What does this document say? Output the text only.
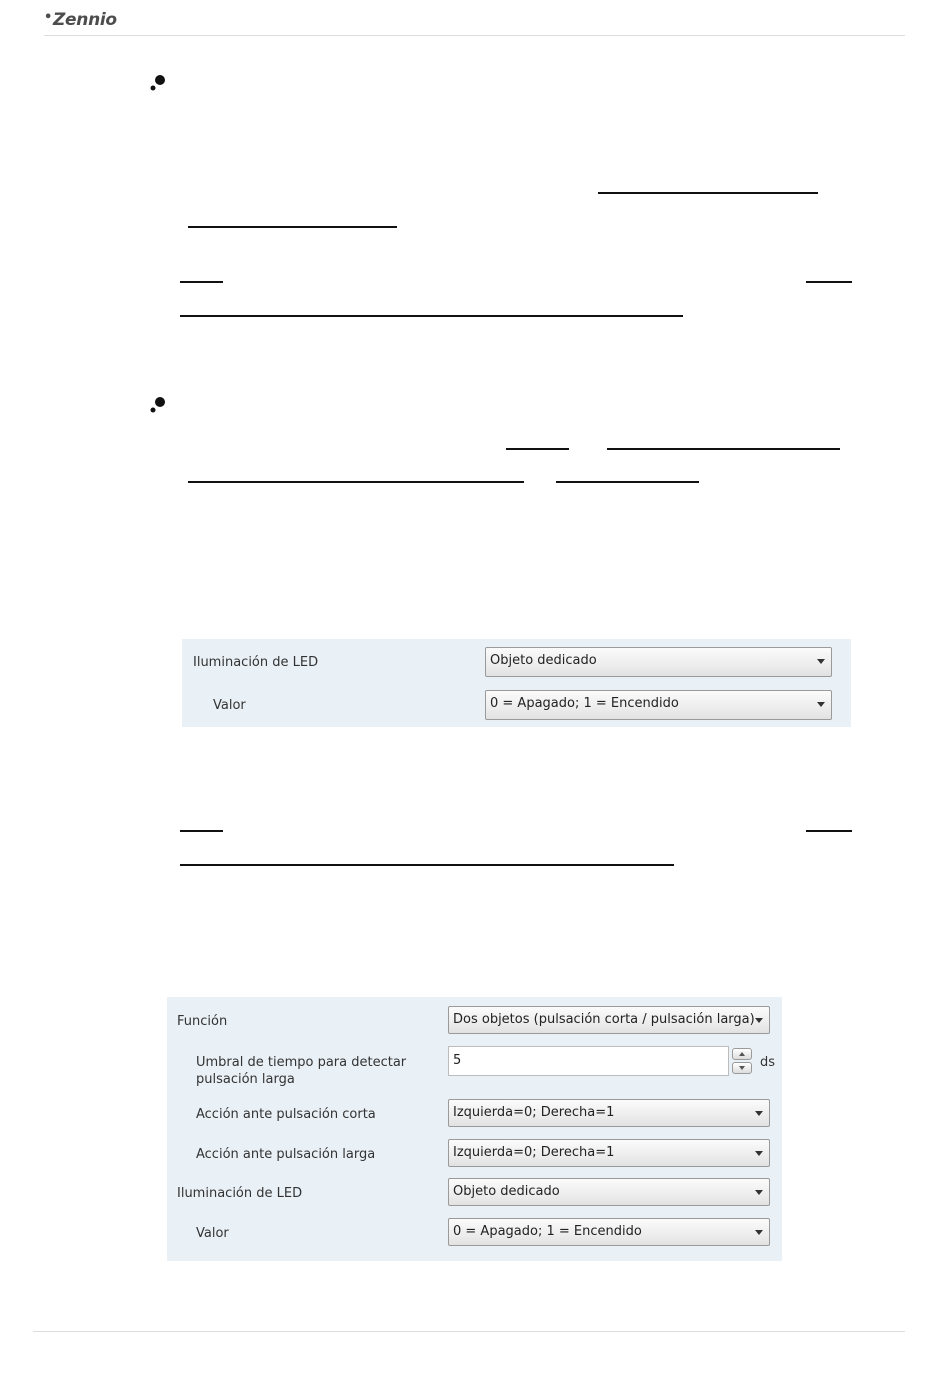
•Zennio
Iluminación de LED	Objeto dedicado
Valor	0 = Apagado; 1 = Encendido
Función	Dos objetos (pulsación corta / pulsación larga)
Umbral de tiempo para detectar
pulsación larga
5	ds
Acción ante pulsación corta	Izquierda=0; Derecha=1
Acción ante pulsación larga	Izquierda=0; Derecha=1
Iluminación de LED	Objeto dedicado
Valor	0 = Apagado; 1 = Encendido
